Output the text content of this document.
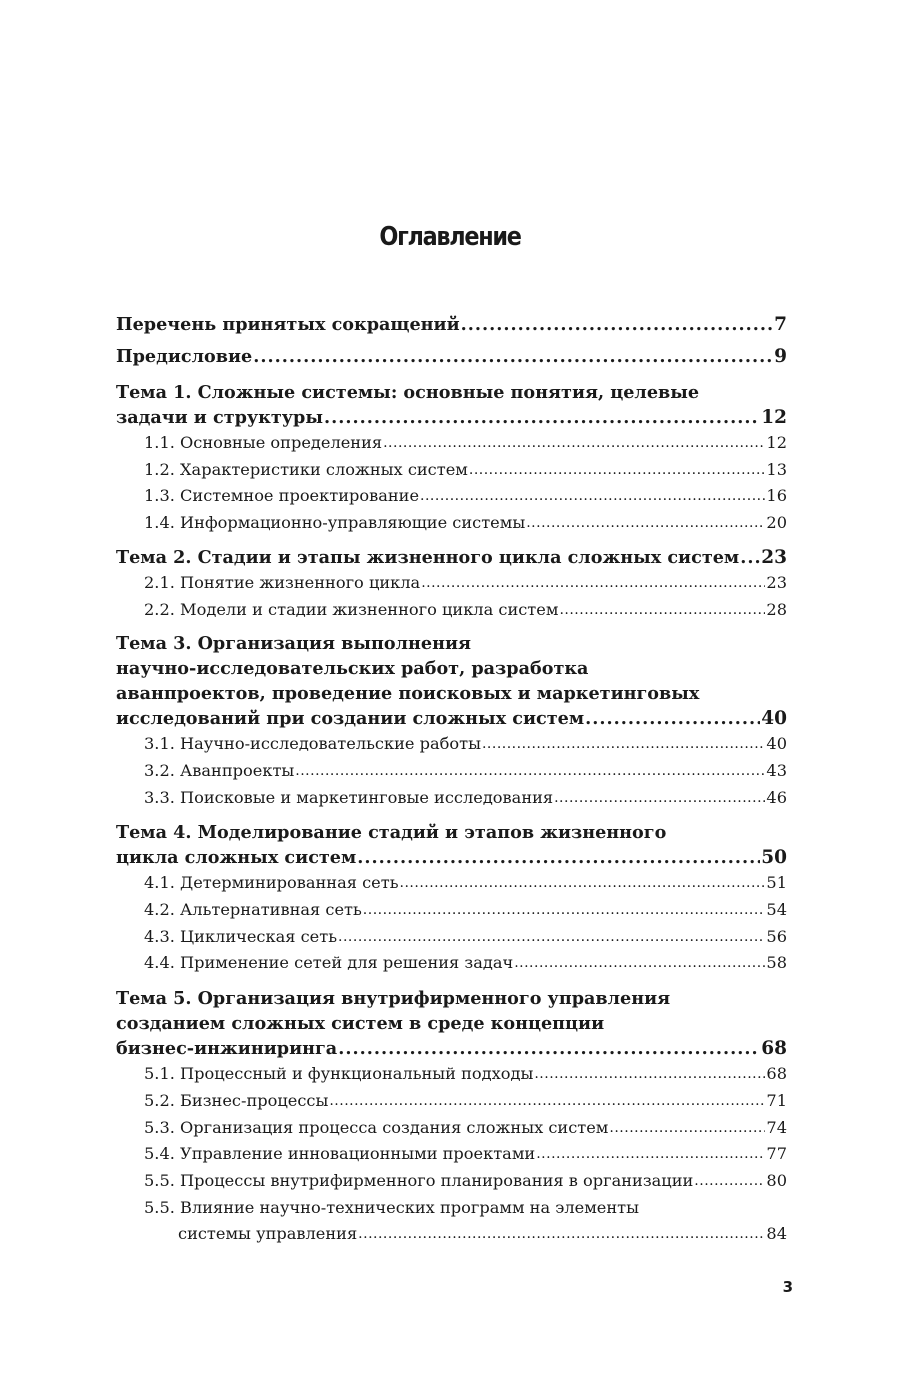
Оглавление
Перечень принятых сокращений .....	7
Предисловие .....	9
Тема 1. Сложные системы: основные понятия, целевые
задачи и структуры .....	12
1.1. Основные определения .....	12
1.2. Характеристики сложных систем .....	13
1.3. Системное проектирование .....	16
1.4. Информационно-управляющие системы .....	20
Тема 2. Стадии и этапы жизненного цикла сложных систем ..... 23
2.1. Понятие жизненного цикла .....	23
2.2. Модели и стадии жизненного цикла систем .....	28
Тема 3. Организация выполнения
научно-исследовательских работ, разработка
аванпроектов, проведение поисковых и маркетинговых
исследований при создании сложных систем .....	40
3.1. Научно-исследовательские работы .....	40
3.2. Аванпроекты .....	43
3.3. Поисковые и маркетинговые исследования .....	46
Тема 4. Моделирование стадий и этапов жизненного
цикла сложных систем .....	50
4.1. Детерминированная сеть .....	51
4.2. Альтернативная сеть .....	54
4.3. Циклическая сеть .....	56
4.4. Применение сетей для решения задач .....	58
Тема 5. Организация внутрифирменного управления
созданием сложных систем в среде концепции
бизнес-инжиниринга .....	68
5.1. Процессный и функциональный подходы .....	68
5.2. Бизнес-процессы .....	71
5.3. Организация процесса создания сложных систем .....	74
5.4. Управление инновационными проектами .....	77
5.5. Процессы внутрифирменного планирования в организации .....	80
5.5. Влияние научно-технических программ на элементы
системы управления .....	84
3
